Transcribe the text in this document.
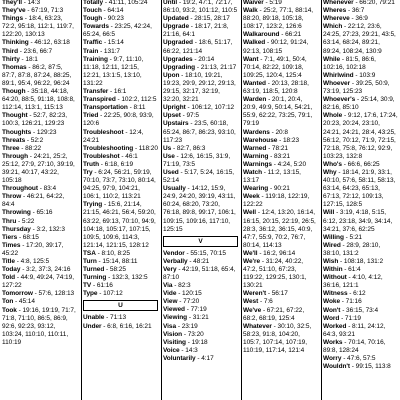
They'll - 14:3
They've - 67:19, 71:3
Things - 18:4, 63:23, 72:2, 95:18, 112:1, 119:7, 122:20, 130:13
Thinking - 46:12, 63:18
Third - 23:6, 66:7
Thirty - 18:1
Thomas - 86:2, 87:5, 87:7, 87:8, 87:24, 88:25, 89:1, 95:4, 96:22, 96:24
Though - 35:18, 44:18, 64:20, 88:5, 91:18, 108:8, 112:14, 113:1, 115:13
Thought - 52:7, 82:23, 100:3, 126:21, 129:23
Thoughts - 129:23
Threats - 52:2
Three - 88:22
Through - 24:21, 25:2, 25:12, 27:9, 27:10, 39:19, 39:21, 40:17, 43:22, 105:18
Throughout - 83:4
Throw - 46:21, 64:22, 84:4
Throwing - 65:16
Thru - 5:22
Thursday - 3:2, 132:3
Tiers - 68:15
Times - 17:20, 39:17, 45:22
Title - 4:8, 125:5
Today - 3:2, 37:3, 24:16
Told - 44:9, 49:24, 74:19, 127:22
Tomorrow - 57:6, 128:13
Ton - 45:14
Took - 19:16, 19:19, 71:7, 71:8, 71:10, 86:5, 86:9, 92:6, 92:23, 93:12, 103:24, 110:10, 110:11, 110:19
Totally - 41:11, 105:24
Touch - 64:14
Tough - 90:23
Towards - 23:25, 42:24, 65:24, 66:5
Traffic - 15:14
Train - 131:7
Training - 9:7, 11:10, 11:18, 12:11, 12:15, 12:21, 13:1:5, 13:10, 131:22
Transfer - 16:1
Transpired - 102:2, 112:5
Transportation - 8:11
Tried - 22:25, 90:8, 93:9, 120:6
Troubleshoot - 12:4, 24:21
Troubleshooting - 118:20
Troubleshot - 46:1
Truth - 6:18, 6:19
Try - 6:24, 56:21, 59:19, 70:10, 73:7, 73:10, 80:14, 94:25, 97:9, 104:21, 106:1, 110:2, 113:21
Trying - 15:6, 21:14, 21:15, 46:21, 56:4, 59:20, 63:22, 69:13, 70:10, 94:9, 104:18, 105:17, 107:15, 109:5, 109:6, 114:3, 121:14, 121:15, 128:12
TSA - 8:10, 8:25
Turn - 15:14, 88:11
Turned - 58:25
Turning - 132:3, 132:5
TV - 61:16
Type - 107:12
U
Unable - 71:13
Under - 6:8, 6:16, 16:21
Until - 19:2, 47:1, 72:17, 86:10, 93:2, 101:12, 110:5
Updated - 28:15, 28:17
Upgrade - 18:17, 21:8, 21:16, 64:1
Upgraded - 18:6, 51:17, 66:22, 121:14
Upgrades - 20:14
Upgrading - 21:13, 21:17
Upon - 18:10, 19:21, 19:23, 29:9, 29:12, 29:13, 29:15, 32:17, 32:19, 32:20, 32:21
Upright - 106:12, 107:12
Upset - 97:5
Upstairs - 23:5, 60:18, 65:24, 86:7, 86:23, 93:10, 117:23
Us - 82:7, 86:3
Use - 12:6, 16:15, 31:9, 71:19, 73:5
Used - 5:17, 5:24, 16:15, 52:14
Usually - 14:12, 15:9, 24:9, 24:20, 39:19, 43:11, 60:24, 68:20, 73:20, 76:18, 89:8, 99:17, 106:1, 109:15, 109:16, 117:10, 125:15
V
Vendor - 55:15, 70:15
Verbally - 48:21
Very - 42:19, 51:18, 65:4, 87:10
Via - 82:3
Vide - 120:15
View - 77:20
Viewed - 77:19
Viewing - 31:21
Visa - 23:19
Vision - 73:20
Visiting - 19:18
Voice - 14:3
Voluntarily - 4:17
Waiver - 5:19
Walk - 25:2, 77:1, 88:14, 88:20, 89:18, 105:18, 108:17, 123:2, 126:6
Walkaround - 66:21
Walked - 90:12, 91:24, 92:13, 108:15
Want - 7:1, 49:1, 50:4, 70:14, 82:22, 109:18, 109:25, 120:4, 125:4
Wanted - 20:13, 28:18, 63:19, 118:5, 120:8
Warden - 20:1, 20:4, 20:9, 49:9, 50:14, 54:21, 55:9, 62:22, 73:25, 79:1, 79:19
Wardens - 20:8
Warehouse - 18:23
Warned - 78:21
Warning - 83:21
Warnings - 4:24, 5:20
Watch - 11:2, 13:15, 13:17
Wearing - 90:21
Week - 119:18, 122:19, 122:22
Well - 12:4, 13:20, 16:14, 16:15, 20:15, 22:19, 26:5, 28:3, 36:12, 36:15, 40:9, 47:7, 55:9, 70:2, 76:7, 80:14, 114:13
We'll - 16:2, 96:14
We're - 31:24, 40:22, 47:2, 51:10, 67:23, 119:22, 129:25, 130:1, 130:21
Weren't - 56:17
West - 7:6
We've - 67:21, 67:22, 68:2, 68:19, 125:4
Whatever - 30:10, 32:5, 58:23, 91:8, 104:20, 105:7, 107:14, 107:19, 110:19, 117:14, 121:4
Whenever - 66:20, 79:21
Wheres - 36:7
Whereve - 36:9
Which - 22:12, 23:6, 24:25, 27:23, 29:21, 43:5, 63:14, 68:24, 89:21, 89:24, 108:24, 130:9
While - 81:5, 86:6, 102:16, 102:18
Whirlwind - 103:9
Whoever - 39:25, 50:9, 73:19, 125:23
Whoever's - 25:14, 30:9, 82:16, 85:10
Whole - 9:12, 17:6, 17:24, 20:23, 20:24, 23:10, 24:21, 24:21, 28:4, 43:25, 56:12, 70:12, 71:9, 72:15, 72:18, 75:8, 76:12, 92:9, 103:23, 132:8
Who's - 66:6, 66:25
Why - 18:14, 21:9, 33:1, 40:10, 57:6, 58:11, 58:13, 63:14, 64:23, 65:13, 67:13, 72:12, 109:13, 127:15, 128:5
Will - 3:19, 4:18, 5:15, 6:12, 23:18, 34:9, 34:14, 34:21, 37:6, 62:25
Willing - 5:21
Wired - 28:9, 28:10, 38:10, 131:2
Wish - 108:18, 131:2
Within - 61:4
Without - 4:10, 4:12, 36:16, 121:1
Witness - 6:12
Woke - 71:16
Won't - 36:15, 73:4
Word - 71:19
Worked - 8:11, 24:12, 64:3, 93:21
Works - 70:14, 70:16, 89:8, 128:24
Worry - 47:6, 57:5
Wouldn't - 99:15, 113:8
